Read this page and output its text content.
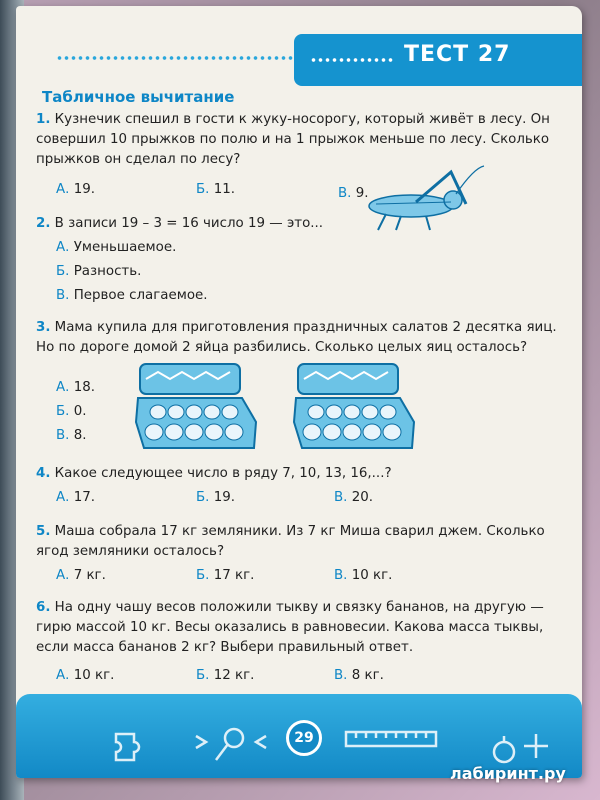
ТЕСТ 27
Табличное вычитание
1. Кузнечик спешил в гости к жуку-носорогу, который живёт в лесу. Он совершил 10 прыжков по полю и на 1 прыжок меньше по лесу. Сколько прыжков он сделал по лесу?
А. 19.	Б. 11.	В. 9.
2. В записи 19 – 3 = 16 число 19 — это...
А. Уменьшаемое.
Б. Разность.
В. Первое слагаемое.
3. Мама купила для приготовления праздничных салатов 2 десятка яиц. Но по дороге домой 2 яйца разбились. Сколько целых яиц осталось?
А. 18.
Б. 0.
В. 8.
4. Какое следующее число в ряду 7, 10, 13, 16,...?
А. 17.	Б. 19.	В. 20.
5. Маша собрала 17 кг земляники. Из 7 кг Миша сварил джем. Сколько ягод земляники осталось?
А. 7 кг.	Б. 17 кг.	В. 10 кг.
6. На одну чашу весов положили тыкву и связку бананов, на другую — гирю массой 10 кг. Весы оказались в равновесии. Какова масса тыквы, если масса бананов 2 кг? Выбери правильный ответ.
А. 10 кг.	Б. 12 кг.	В. 8 кг.
29
лабиринт.ру
